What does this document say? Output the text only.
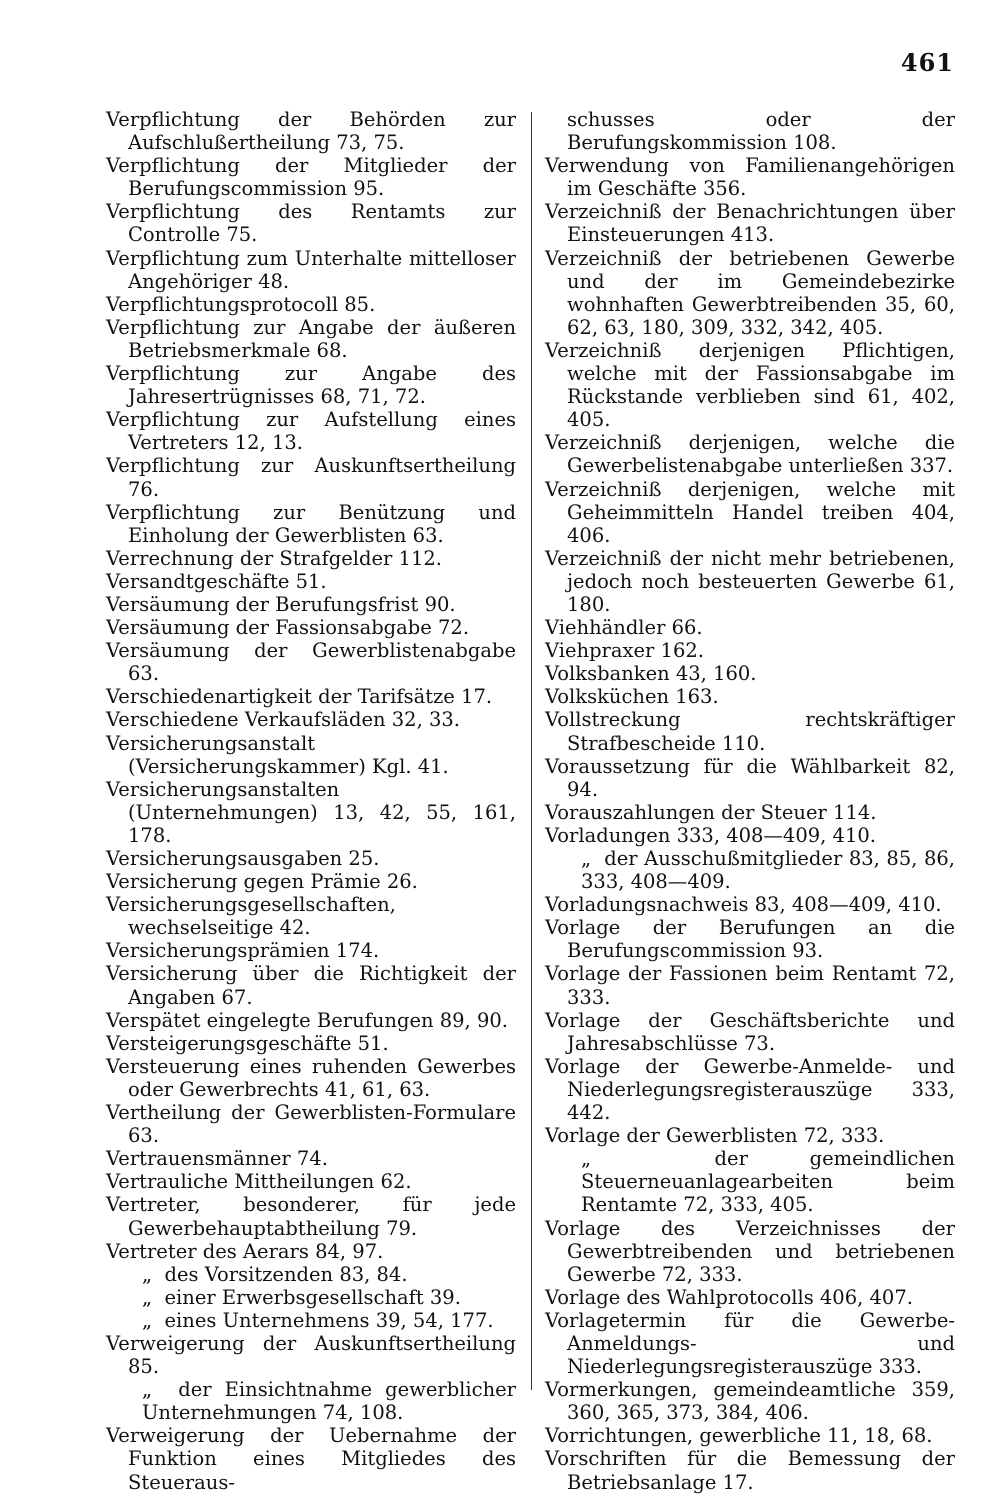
461
Verpflichtung der Behörden zur Aufschlußertheilung 73, 75.
Verpflichtung der Mitglieder der Berufungscommission 95.
Verpflichtung des Rentamts zur Controlle 75.
Verpflichtung zum Unterhalte mittelloser Angehöriger 48.
Verpflichtungsprotocoll 85.
Verpflichtung zur Angabe der äußeren Betriebsmerkmale 68.
Verpflichtung zur Angabe des Jahresertrügnisses 68, 71, 72.
Verpflichtung zur Aufstellung eines Vertreters 12, 13.
Verpflichtung zur Auskunftsertheilung 76.
Verpflichtung zur Benützung und Einholung der Gewerblisten 63.
Verrechnung der Strafgelder 112.
Versandtgeschäfte 51.
Versäumung der Berufungsfrist 90.
Versäumung der Fassionsabgabe 72.
Versäumung der Gewerblistenabgabe 63.
Verschiedenartigkeit der Tarifsätze 17.
Verschiedene Verkaufsläden 32, 33.
Versicherungsanstalt (Versicherungskammer) Kgl. 41.
Versicherungsanstalten (Unternehmungen) 13, 42, 55, 161, 178.
Versicherungsausgaben 25.
Versicherung gegen Prämie 26.
Versicherungsgesellschaften, wechselseitige 42.
Versicherungsprämien 174.
Versicherung über die Richtigkeit der Angaben 67.
Verspätet eingelegte Berufungen 89, 90.
Versteigerungsgeschäfte 51.
Versteuerung eines ruhenden Gewerbes oder Gewerbrechts 41, 61, 63.
Vertheilung der Gewerblisten-Formulare 63.
Vertrauensmänner 74.
Vertrauliche Mittheilungen 62.
Vertreter, besonderer, für jede Gewerbehauptabtheilung 79.
Vertreter des Aerars 84, 97.
„  des Vorsitzenden 83, 84.
„  einer Erwerbsgesellschaft 39.
„  eines Unternehmens 39, 54, 177.
Verweigerung der Auskunftsertheilung 85.
„  der Einsichtnahme gewerblicher Unternehmungen 74, 108.
Verweigerung der Uebernahme der Funktion eines Mitgliedes des Steueraus-
schusses oder der Berufungskommission 108.
Verwendung von Familienangehörigen im Geschäfte 356.
Verzeichniß der Benachrichtungen über Einsteuerungen 413.
Verzeichniß der betriebenen Gewerbe und der im Gemeindebezirke wohnhaften Gewerbtreibenden 35, 60, 62, 63, 180, 309, 332, 342, 405.
Verzeichniß derjenigen Pflichtigen, welche mit der Fassionsabgabe im Rückstande verblieben sind 61, 402, 405.
Verzeichniß derjenigen, welche die Gewerbelistenabgabe unterließen 337.
Verzeichniß derjenigen, welche mit Geheimmitteln Handel treiben 404, 406.
Verzeichniß der nicht mehr betriebenen, jedoch noch besteuerten Gewerbe 61, 180.
Viehhändler 66.
Viehpraxer 162.
Volksbanken 43, 160.
Volksküchen 163.
Vollstreckung rechtskräftiger Strafbescheide 110.
Voraussetzung für die Wählbarkeit 82, 94.
Vorauszahlungen der Steuer 114.
Vorladungen 333, 408—409, 410.
„  der Ausschußmitglieder 83, 85, 86, 333, 408—409.
Vorladungsnachweis 83, 408—409, 410.
Vorlage der Berufungen an die Berufungscommission 93.
Vorlage der Fassionen beim Rentamt 72, 333.
Vorlage der Geschäftsberichte und Jahresabschlüsse 73.
Vorlage der Gewerbe-Anmelde- und Niederlegungsregisterauszüge 333, 442.
Vorlage der Gewerblisten 72, 333.
„  der gemeindlichen Steuerneuanlagearbeiten beim Rentamte 72, 333, 405.
Vorlage des Verzeichnisses der Gewerbtreibenden und betriebenen Gewerbe 72, 333.
Vorlage des Wahlprotocolls 406, 407.
Vorlagetermin für die Gewerbe-Anmeldungs- und Niederlegungsregisterauszüge 333.
Vormerkungen, gemeindeamtliche 359, 360, 365, 373, 384, 406.
Vorrichtungen, gewerbliche 11, 18, 68.
Vorschriften für die Bemessung der Betriebsanlage 17.
